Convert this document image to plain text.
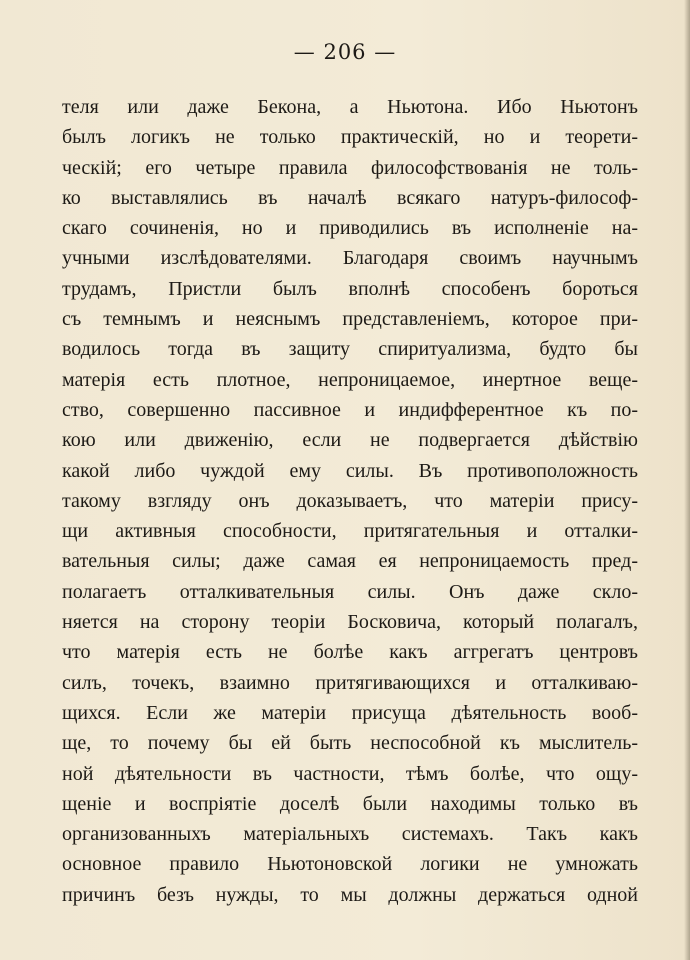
— 206 —
теля или даже Бекона, а Ньютона. Ибо Ньютонъ
былъ логикъ не только практическій, но и теорети-
ческій; его четыре правила философствованія не толь-
ко выставлялись въ началѣ всякаго натуръ-философ-
скаго сочиненія, но и приводились въ исполненіе на-
учными изслѣдователями. Благодаря своимъ научнымъ
трудамъ, Пристли былъ вполнѣ способенъ бороться
съ темнымъ и неяснымъ представленіемъ, которое при-
водилось тогда въ защиту спиритуализма, будто бы
матерія есть плотное, непроницаемое, инертное веще-
ство, совершенно пассивное и индифферентное къ по-
кою или движенію, если не подвергается дѣйствію
какой либо чуждой ему силы. Въ противоположность
такому взгляду онъ доказываетъ, что матеріи прису-
щи активныя способности, притягательныя и отталки-
вательныя силы; даже самая ея непроницаемость пред-
полагаетъ отталкивательныя силы. Онъ даже скло-
няется на сторону теоріи Босковича, который полагалъ,
что матерія есть не болѣе какъ аггрегатъ центровъ
силъ, точекъ, взаимно притягивающихся и отталкиваю-
щихся. Если же матеріи присуща дѣятельность вооб-
ще, то почему бы ей быть неспособной къ мыслитель-
ной дѣятельности въ частности, тѣмъ болѣе, что ощу-
щеніе и воспріятіе доселѣ были находимы только въ
организованныхъ матеріальныхъ системахъ. Такъ какъ
основное правило Ньютоновской логики не умножать
причинъ безъ нужды, то мы должны держаться одной
